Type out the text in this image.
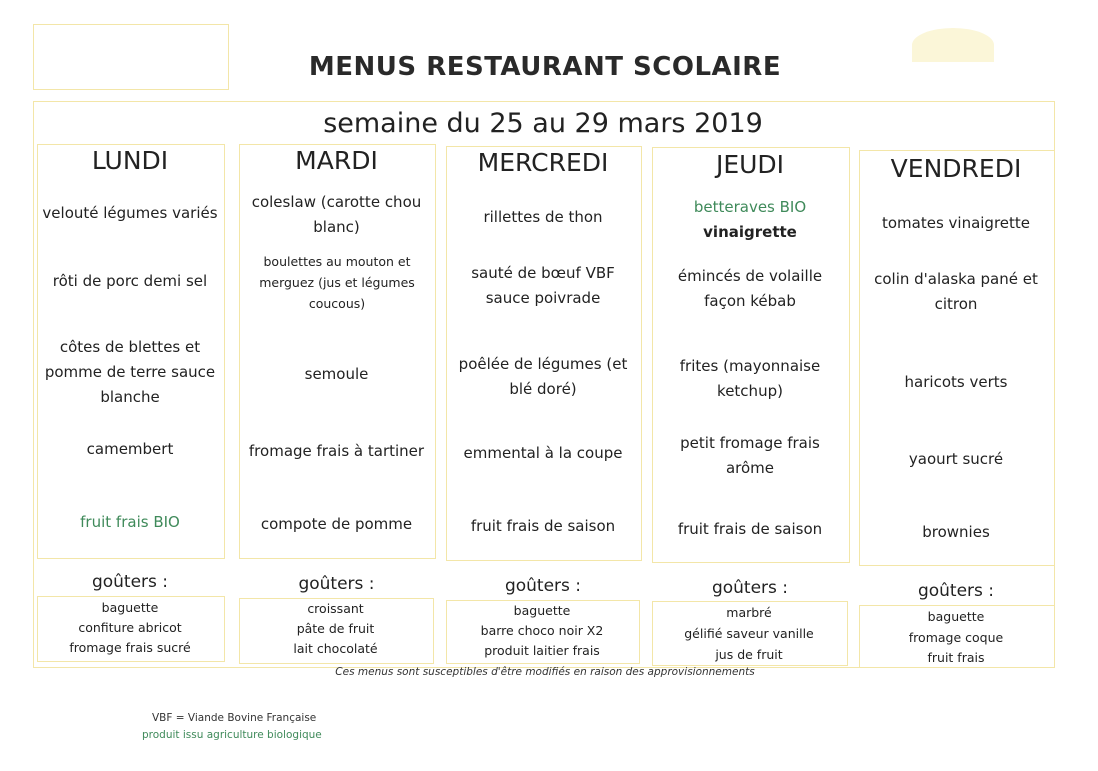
MENUS RESTAURANT SCOLAIRE
semaine du 25 au 29 mars 2019
LUNDI
velouté légumes variés
rôti de porc demi sel
côtes de blettes et pomme de terre sauce blanche
camembert
fruit frais BIO
goûters :
baguette
confiture abricot
fromage frais sucré
MARDI
coleslaw (carotte chou blanc)
boulettes au mouton et merguez (jus et légumes coucous)
semoule
fromage frais à tartiner
compote de pomme
goûters :
croissant
pâte de fruit
lait chocolaté
MERCREDI
rillettes de thon
sauté de bœuf VBF sauce poivrade
poêlée de légumes (et blé doré)
emmental à la coupe
fruit frais de saison
goûters :
baguette
barre choco noir X2
produit laitier frais
JEUDI
betteraves BIO
vinaigrette
émincés de volaille façon kébab
frites (mayonnaise ketchup)
petit fromage frais arôme
fruit frais de saison
goûters :
marbré
gélifié saveur vanille
jus de fruit
VENDREDI
tomates vinaigrette
colin d'alaska pané et citron
haricots verts
yaourt sucré
brownies
goûters :
baguette
fromage coque
fruit frais
Ces menus sont susceptibles d'être modifiés en raison des approvisionnements
VBF = Viande Bovine Française
produit issu agriculture biologique
